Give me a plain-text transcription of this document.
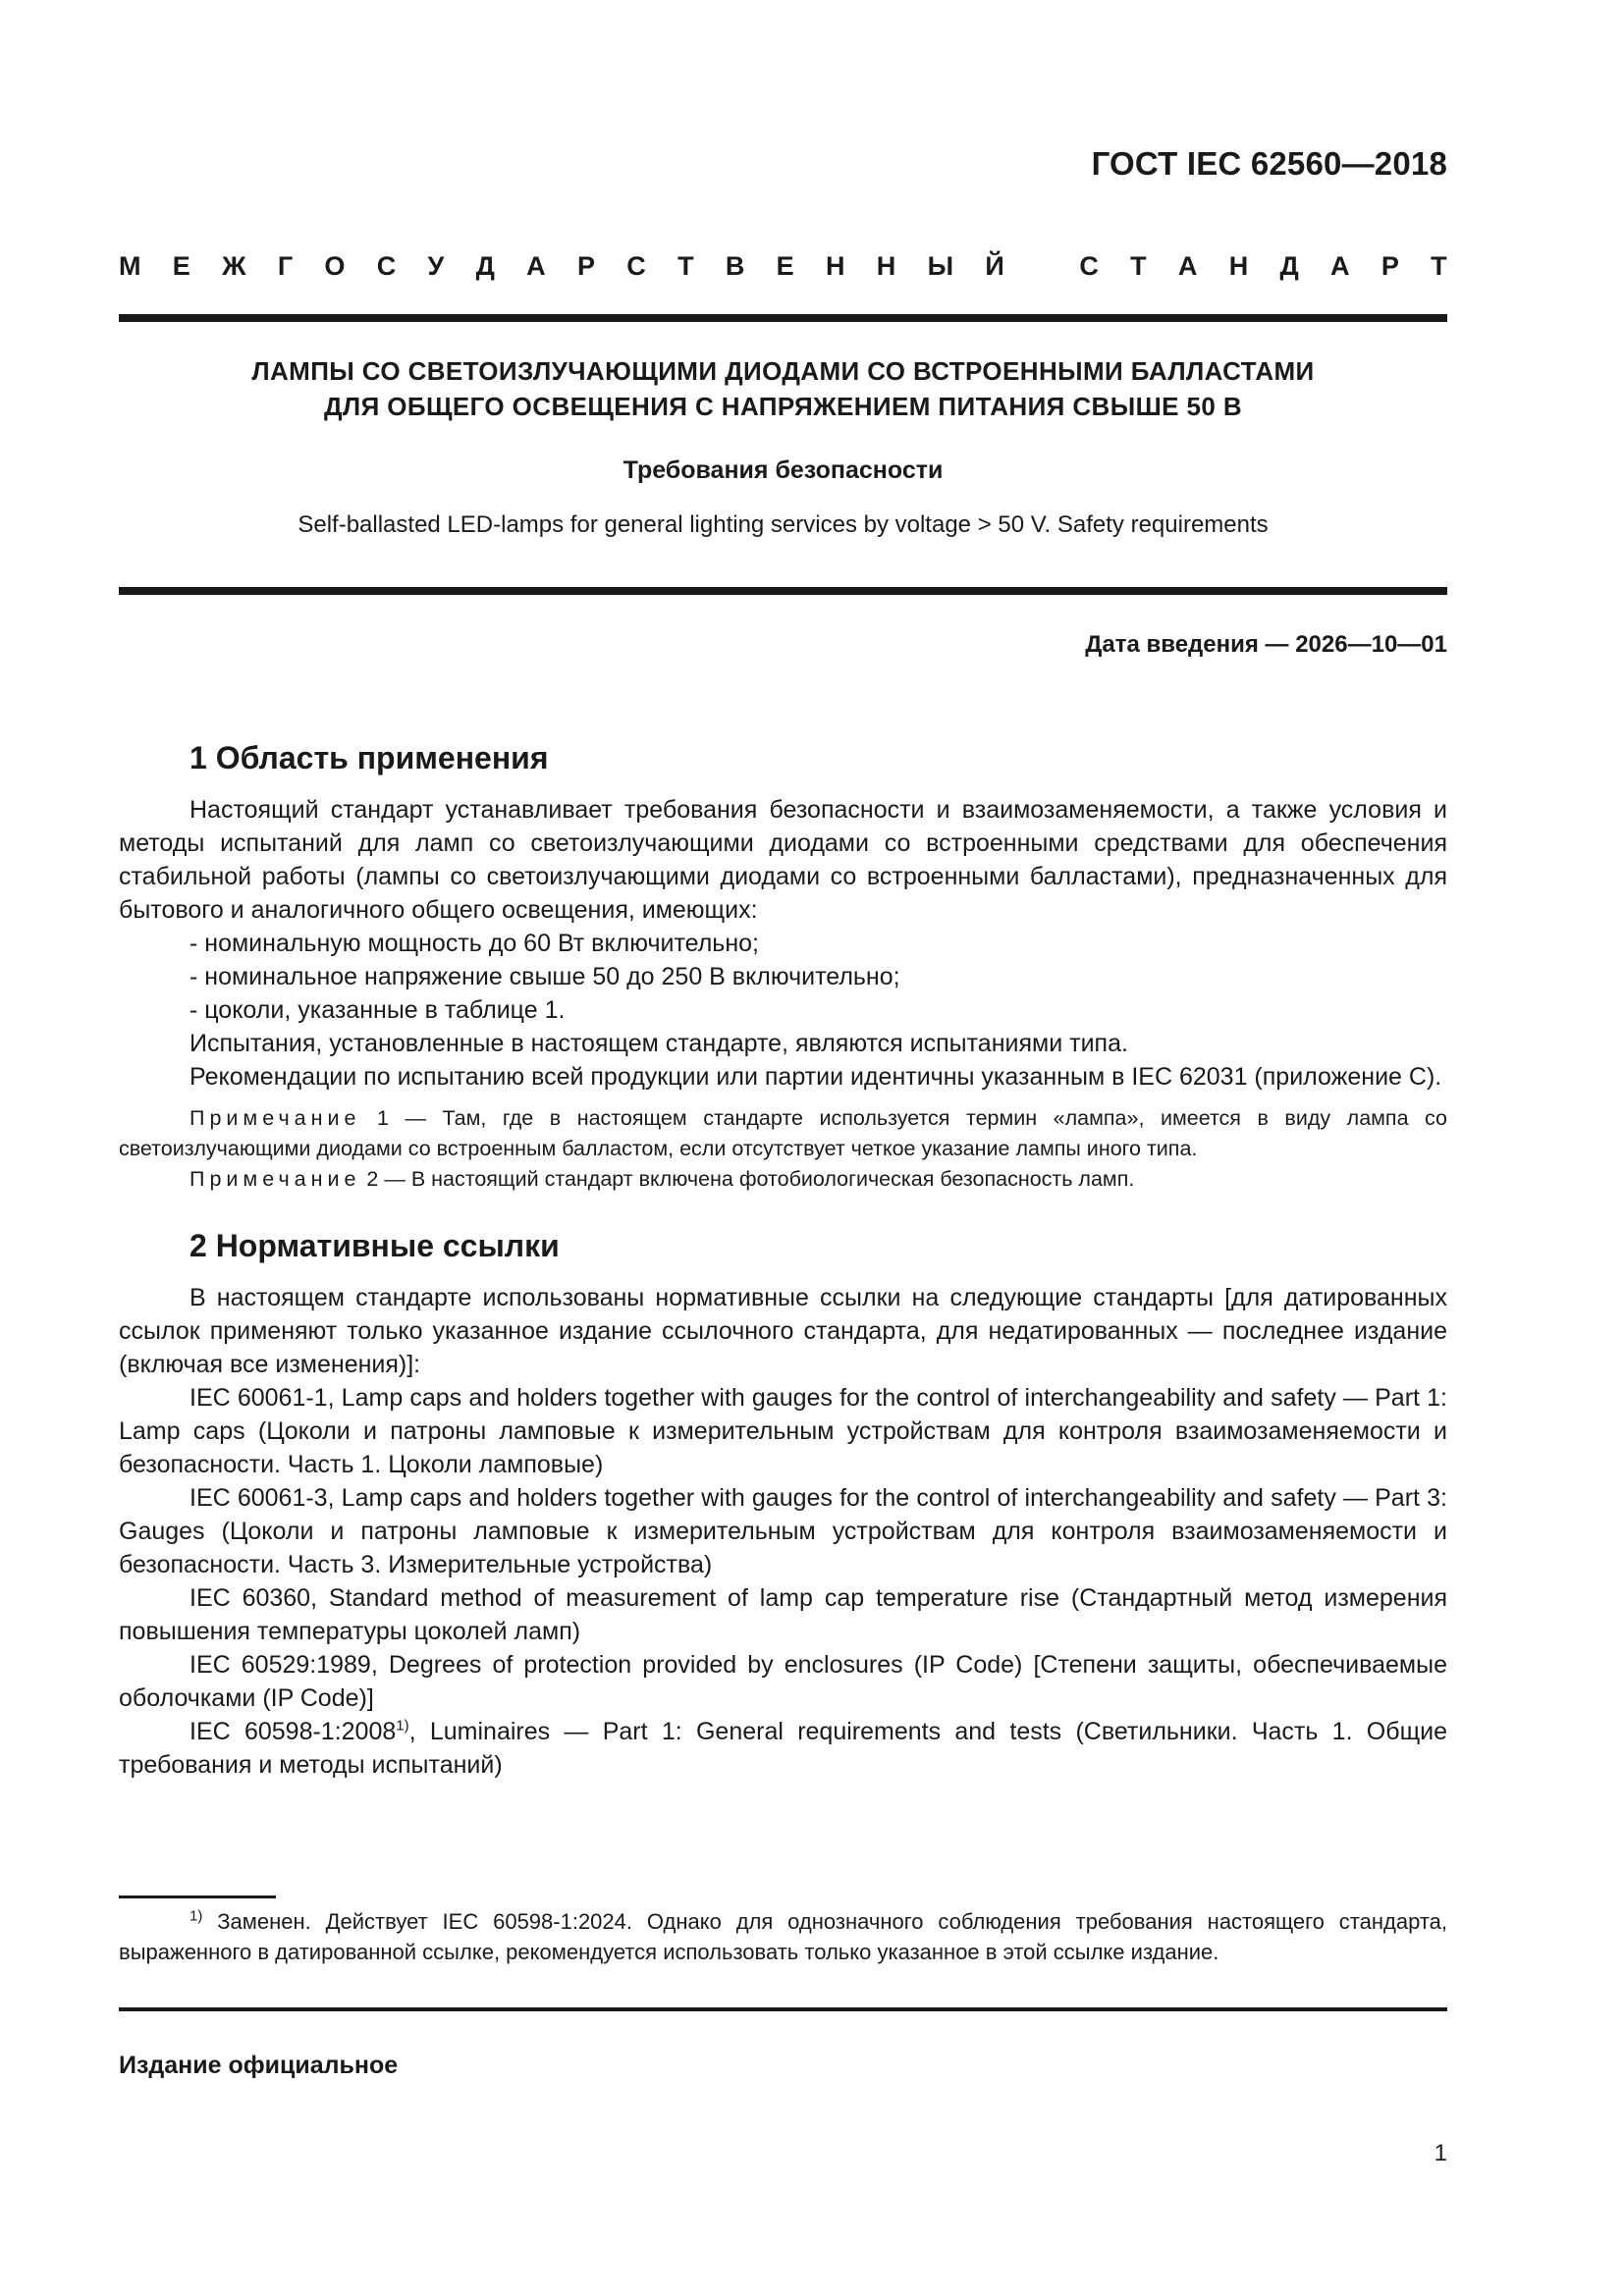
ГОСТ IEC 62560—2018
М Е Ж Г О С У Д А Р С Т В Е Н Н Ы Й	С Т А Н Д А Р Т
ЛАМПЫ СО СВЕТОИЗЛУЧАЮЩИМИ ДИОДАМИ СО ВСТРОЕННЫМИ БАЛЛАСТАМИ
ДЛЯ ОБЩЕГО ОСВЕЩЕНИЯ С НАПРЯЖЕНИЕМ ПИТАНИЯ СВЫШЕ 50 В
Требования безопасности
Self-ballasted LED-lamps for general lighting services by voltage > 50 V. Safety requirements
Дата введения — 2026—10—01
1 Область применения

Настоящий стандарт устанавливает требования безопасности и взаимозаменяемости, а также условия и методы испытаний для ламп со светоизлучающими диодами со встроенными средствами для обеспечения стабильной работы (лампы со светоизлучающими диодами со встроенными балластами), предназначенных для бытового и аналогичного общего освещения, имеющих:

- номинальную мощность до 60 Вт включительно;

- номинальное напряжение свыше 50 до 250 В включительно;

- цоколи, указанные в таблице 1.

Испытания, установленные в настоящем стандарте, являются испытаниями типа.

Рекомендации по испытанию всей продукции или партии идентичны указанным в IEC 62031 (приложение С).

Примечание 1 — Там, где в настоящем стандарте используется термин «лампа», имеется в виду лампа со светоизлучающими диодами со встроенным балластом, если отсутствует четкое указание лампы иного типа.

Примечание 2 — В настоящий стандарт включена фотобиологическая безопасность ламп.

2 Нормативные ссылки

В настоящем стандарте использованы нормативные ссылки на следующие стандарты [для датированных ссылок применяют только указанное издание ссылочного стандарта, для недатированных — последнее издание (включая все изменения)]:

IEC 60061-1, Lamp caps and holders together with gauges for the control of interchangeability and safety — Part 1: Lamp caps (Цоколи и патроны ламповые к измерительным устройствам для контроля взаимозаменяемости и безопасности. Часть 1. Цоколи ламповые)

IEC 60061-3, Lamp caps and holders together with gauges for the control of interchangeability and safety — Part 3: Gauges (Цоколи и патроны ламповые к измерительным устройствам для контроля взаимозаменяемости и безопасности. Часть 3. Измерительные устройства)

IEC 60360, Standard method of measurement of lamp cap temperature rise (Стандартный метод измерения повышения температуры цоколей ламп)

IEC 60529:1989, Degrees of protection provided by enclosures (IP Code) [Степени защиты, обеспечиваемые оболочками (IP Code)]

IEC 60598-1:2008$^{1)}$, Luminaires — Part 1: General requirements and tests (Светильники. Часть 1. Общие требования и методы испытаний)

$^{1)}$ Заменен. Действует IEC 60598-1:2024. Однако для однозначного соблюдения требования настоящего стандарта, выраженного в датированной ссылке, рекомендуется использовать только указанное в этой ссылке издание.
Издание официальное
1
